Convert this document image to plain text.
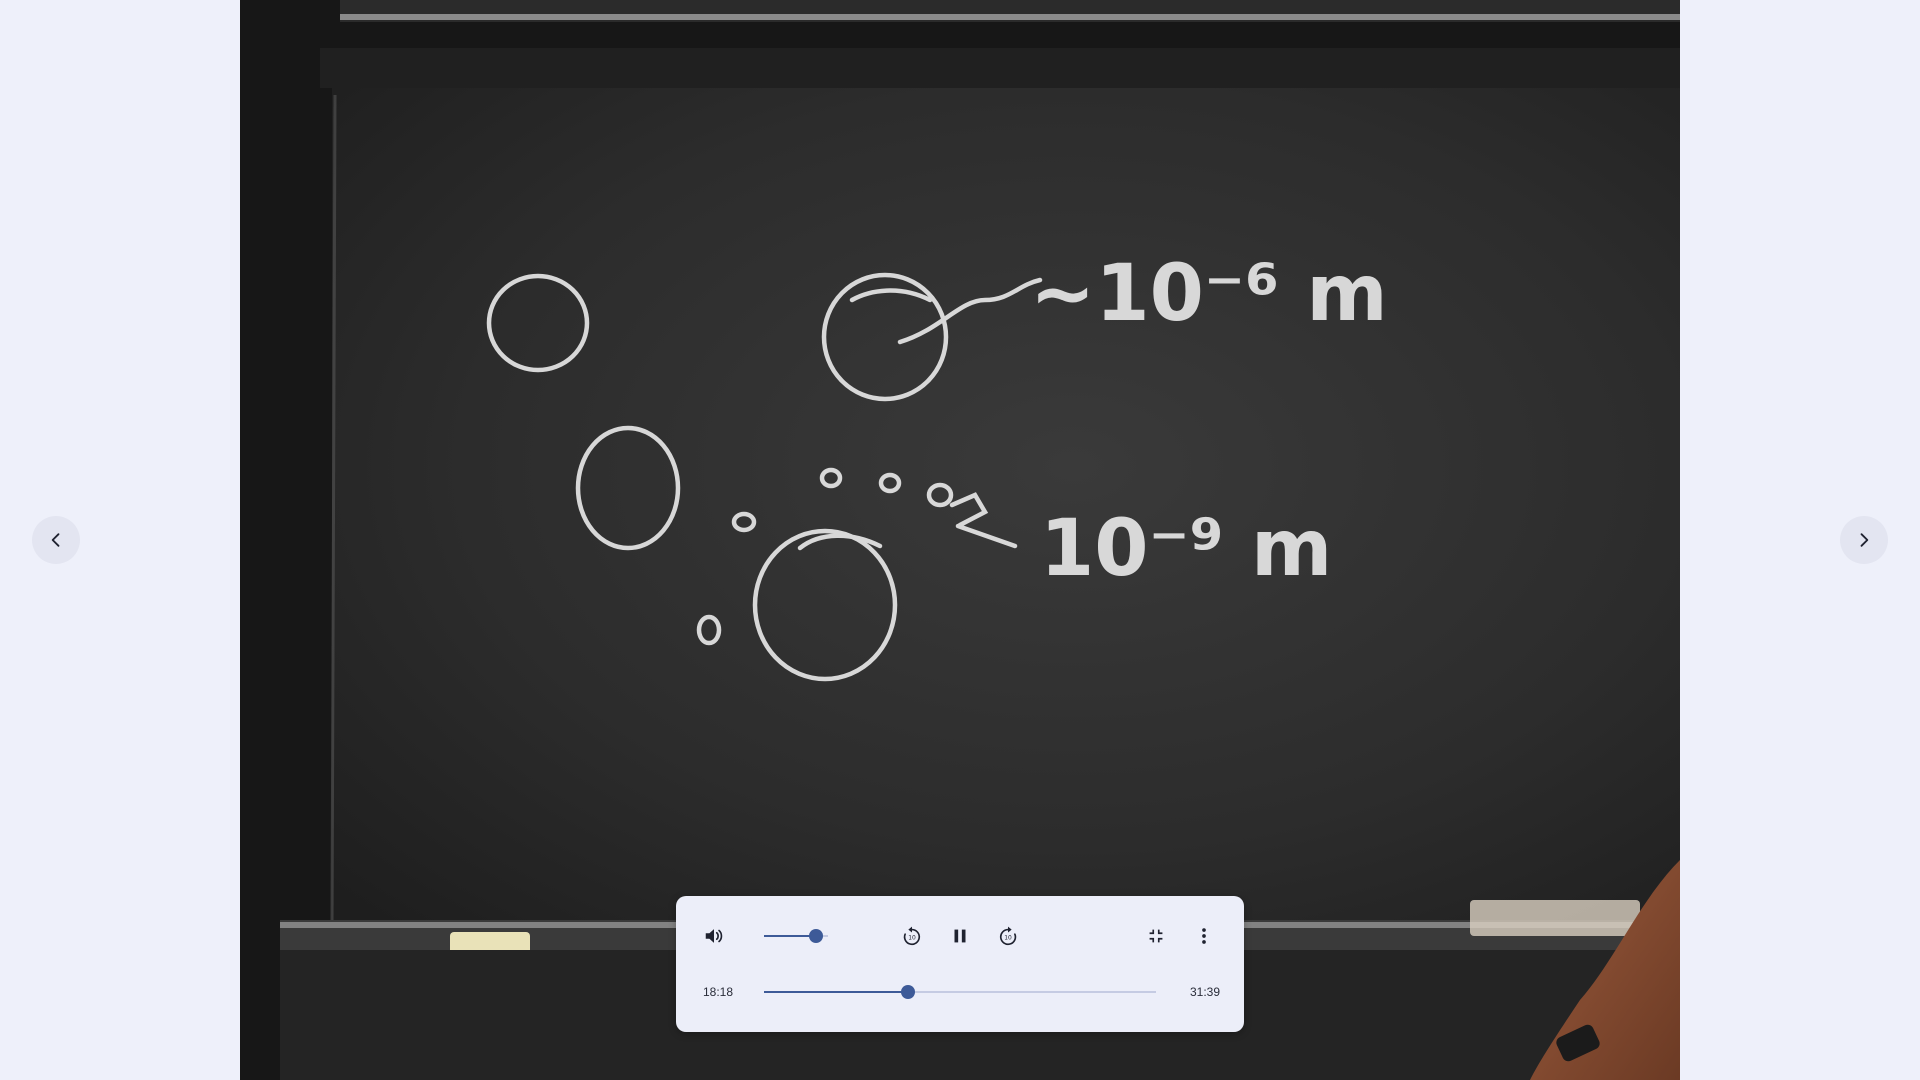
~10⁻⁶ m
10⁻⁹ m
10	10
18:18	31:39
